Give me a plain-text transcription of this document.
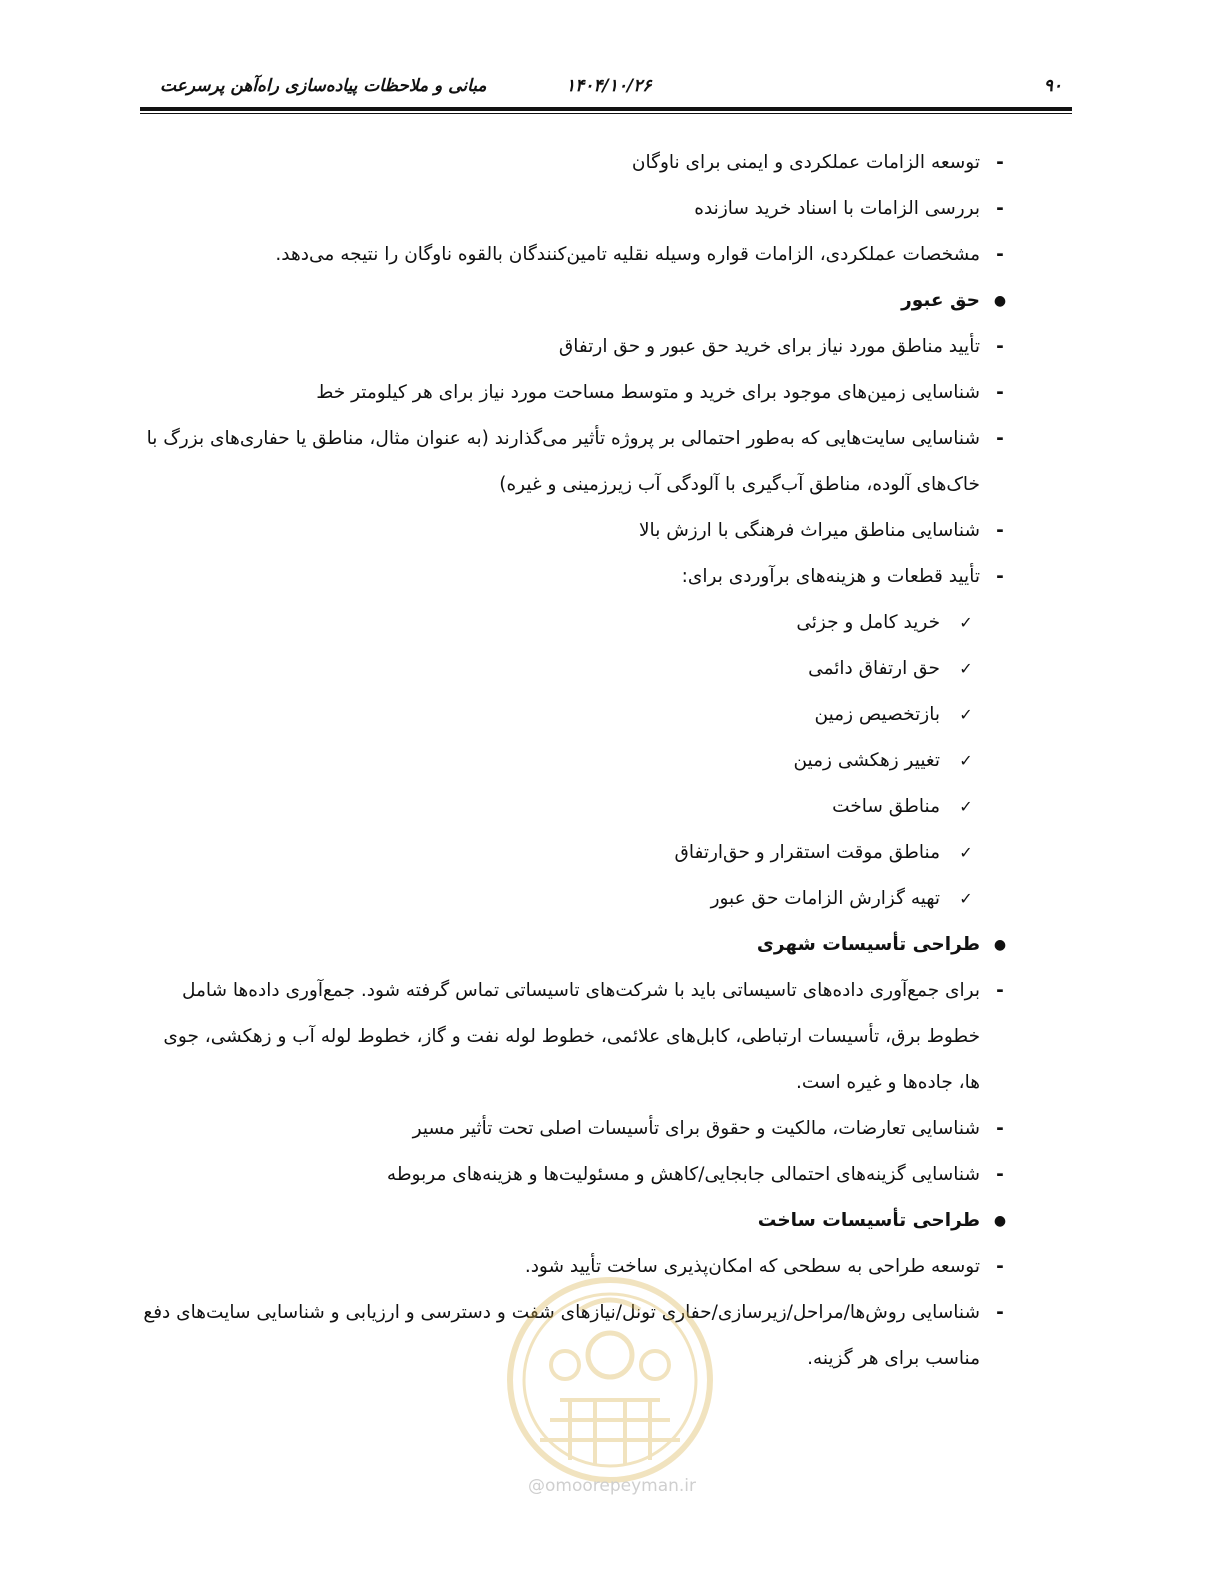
۹۰
۱۴۰۴/۱۰/۲۶
مبانی و ملاحظات پیاده‌سازی راه‌آهن پرسرعت

-
توسعه الزامات عملکردی و ایمنی برای ناوگان

-
بررسی الزامات با اسناد خرید سازنده

-
مشخصات عملکردی، الزامات قواره وسیله نقلیه تامین‌کنندگان بالقوه ناوگان را نتیجه می‌دهد.

●
حق عبور

-
تأیید مناطق مورد نیاز برای خرید حق عبور و حق ارتفاق

-
شناسایی زمین‌های موجود برای خرید و متوسط مساحت مورد نیاز برای هر کیلومتر خط

-
شناسایی سایت‌هایی که به‌طور احتمالی بر پروژه تأثیر می‌گذارند (به عنوان مثال، مناطق یا حفاری‌های بزرگ با خاک‌های آلوده، مناطق آب‌گیری با آلودگی آب زیرزمینی و غیره)

-
شناسایی مناطق میراث فرهنگی با ارزش بالا

-
تأیید قطعات و هزینه‌های برآوردی برای:

✓
خرید کامل و جزئی

✓
حق ارتفاق دائمی

✓
بازتخصیص زمین

✓
تغییر زهکشی زمین

✓
مناطق ساخت

✓
مناطق موقت استقرار و حق‌ارتفاق

✓
تهیه گزارش الزامات حق عبور

●
طراحی تأسیسات شهری

-
برای جمع‌آوری داده‌های تاسیساتی باید با شرکت‌های تاسیساتی تماس گرفته شود. جمع‌آوری داده‌ها شامل خطوط برق، تأسیسات ارتباطی، کابل‌های علائمی، خطوط لوله نفت و گاز، خطوط لوله آب و زهکشی، جوی ها، جاده‌ها و غیره است.

-
شناسایی تعارضات، مالکیت و حقوق برای تأسیسات اصلی تحت تأثیر مسیر

-
شناسایی گزینه‌های احتمالی جابجایی/کاهش و مسئولیت‌ها و هزینه‌های مربوطه

●
طراحی تأسیسات ساخت

-
توسعه طراحی به سطحی که امکان‌پذیری ساخت تأیید شود.

-
شناسایی روش‌ها/مراحل/زیرسازی/حفاری تونل/نیازهای شفت و دسترسی و ارزیابی و شناسایی سایت‌های دفع مناسب برای هر گزینه.

@omoorepeyman.ir
